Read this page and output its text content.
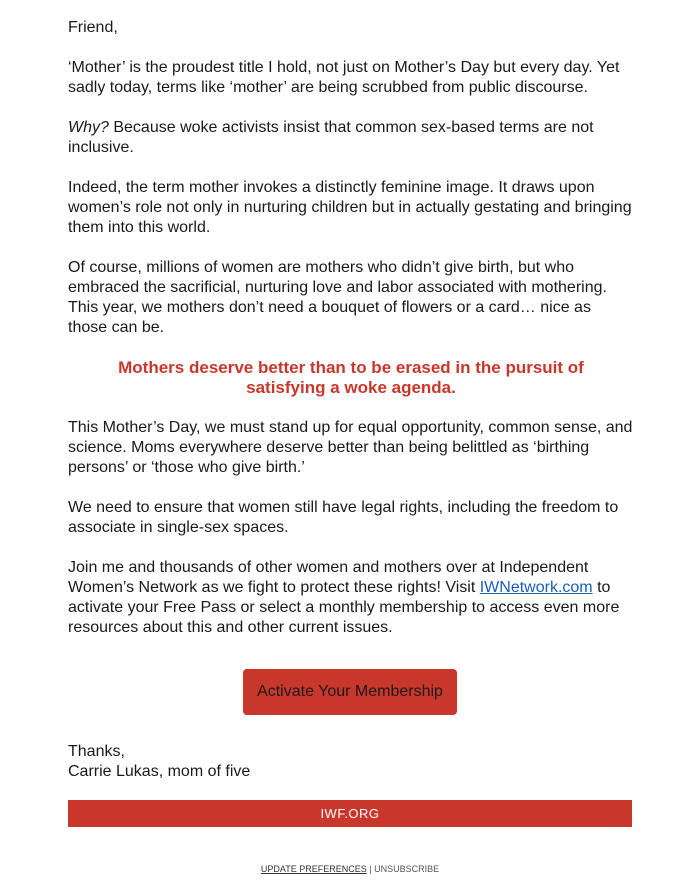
Friend,

‘Mother’ is the proudest title I hold, not just on Mother’s Day but every day. Yet sadly today, terms like ‘mother’ are being scrubbed from public discourse.

Why? Because woke activists insist that common sex-based terms are not inclusive.

Indeed, the term mother invokes a distinctly feminine image. It draws upon women’s role not only in nurturing children but in actually gestating and bringing them into this world.

Of course, millions of women are mothers who didn’t give birth, but who embraced the sacrificial, nurturing love and labor associated with mothering. This year, we mothers don’t need a bouquet of flowers or a card… nice as those can be.

Mothers deserve better than to be erased in the pursuit of satisfying a woke agenda.

This Mother’s Day, we must stand up for equal opportunity, common sense, and science. Moms everywhere deserve better than being belittled as ‘birthing persons’ or ‘those who give birth.’

We need to ensure that women still have legal rights, including the freedom to associate in single-sex spaces.

Join me and thousands of other women and mothers over at Independent Women’s Network as we fight to protect these rights! Visit IWNetwork.com to activate your Free Pass or select a monthly membership to access even more resources about this and other current issues.

Activate Your Membership
Thanks,
Carrie Lukas, mom of five
IWF.ORG
UPDATE PREFERENCES | UNSUBSCRIBE
